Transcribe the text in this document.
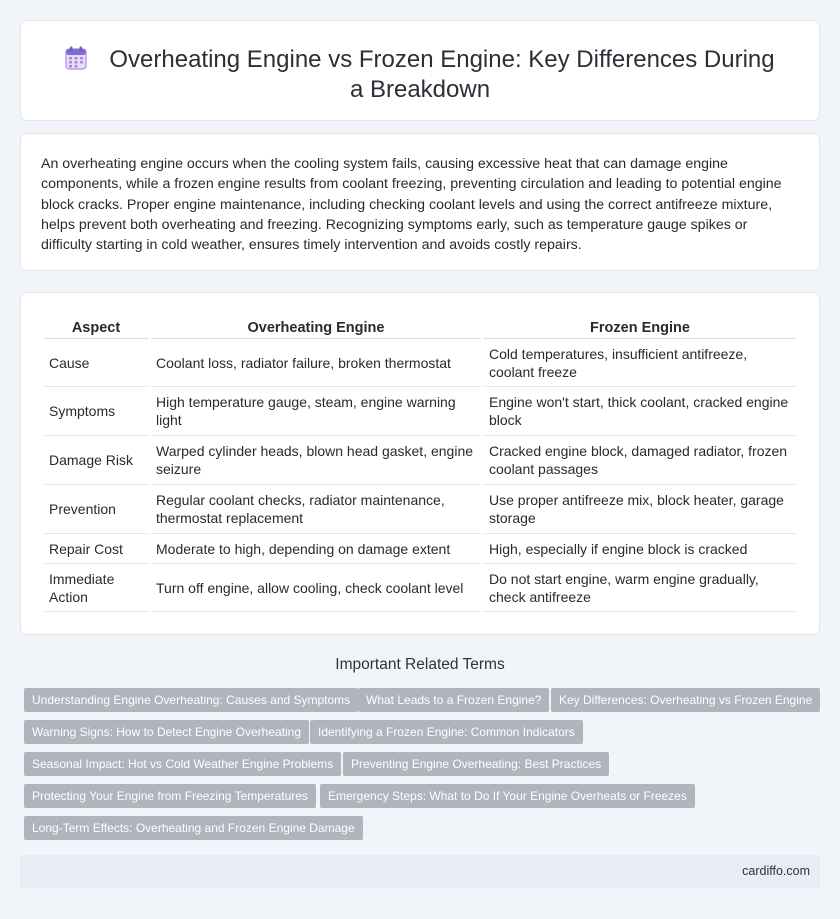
Overheating Engine vs Frozen Engine: Key Differences During a Breakdown

An overheating engine occurs when the cooling system fails, causing excessive heat that can damage engine components, while a frozen engine results from coolant freezing, preventing circulation and leading to potential engine block cracks. Proper engine maintenance, including checking coolant levels and using the correct antifreeze mixture, helps prevent both overheating and freezing. Recognizing symptoms early, such as temperature gauge spikes or difficulty starting in cold weather, ensures timely intervention and avoids costly repairs.

Aspect	Overheating Engine	Frozen Engine
Cause	Coolant loss, radiator failure, broken thermostat	Cold temperatures, insufficient antifreeze, coolant freeze
Symptoms	High temperature gauge, steam, engine warning light	Engine won't start, thick coolant, cracked engine block
Damage Risk	Warped cylinder heads, blown head gasket, engine seizure	Cracked engine block, damaged radiator, frozen coolant passages
Prevention	Regular coolant checks, radiator maintenance, thermostat replacement	Use proper antifreeze mix, block heater, garage storage
Repair Cost	Moderate to high, depending on damage extent	High, especially if engine block is cracked
Immediate Action	Turn off engine, allow cooling, check coolant level	Do not start engine, warm engine gradually, check antifreeze
Important Related Terms
Understanding Engine Overheating: Causes and Symptoms	What Leads to a Frozen Engine?	Key Differences: Overheating vs Frozen Engine
Warning Signs: How to Detect Engine Overheating	Identifying a Frozen Engine: Common Indicators
Seasonal Impact: Hot vs Cold Weather Engine Problems	Preventing Engine Overheating: Best Practices
Protecting Your Engine from Freezing Temperatures	Emergency Steps: What to Do If Your Engine Overheats or Freezes
Long-Term Effects: Overheating and Frozen Engine Damage
cardiffo.com
